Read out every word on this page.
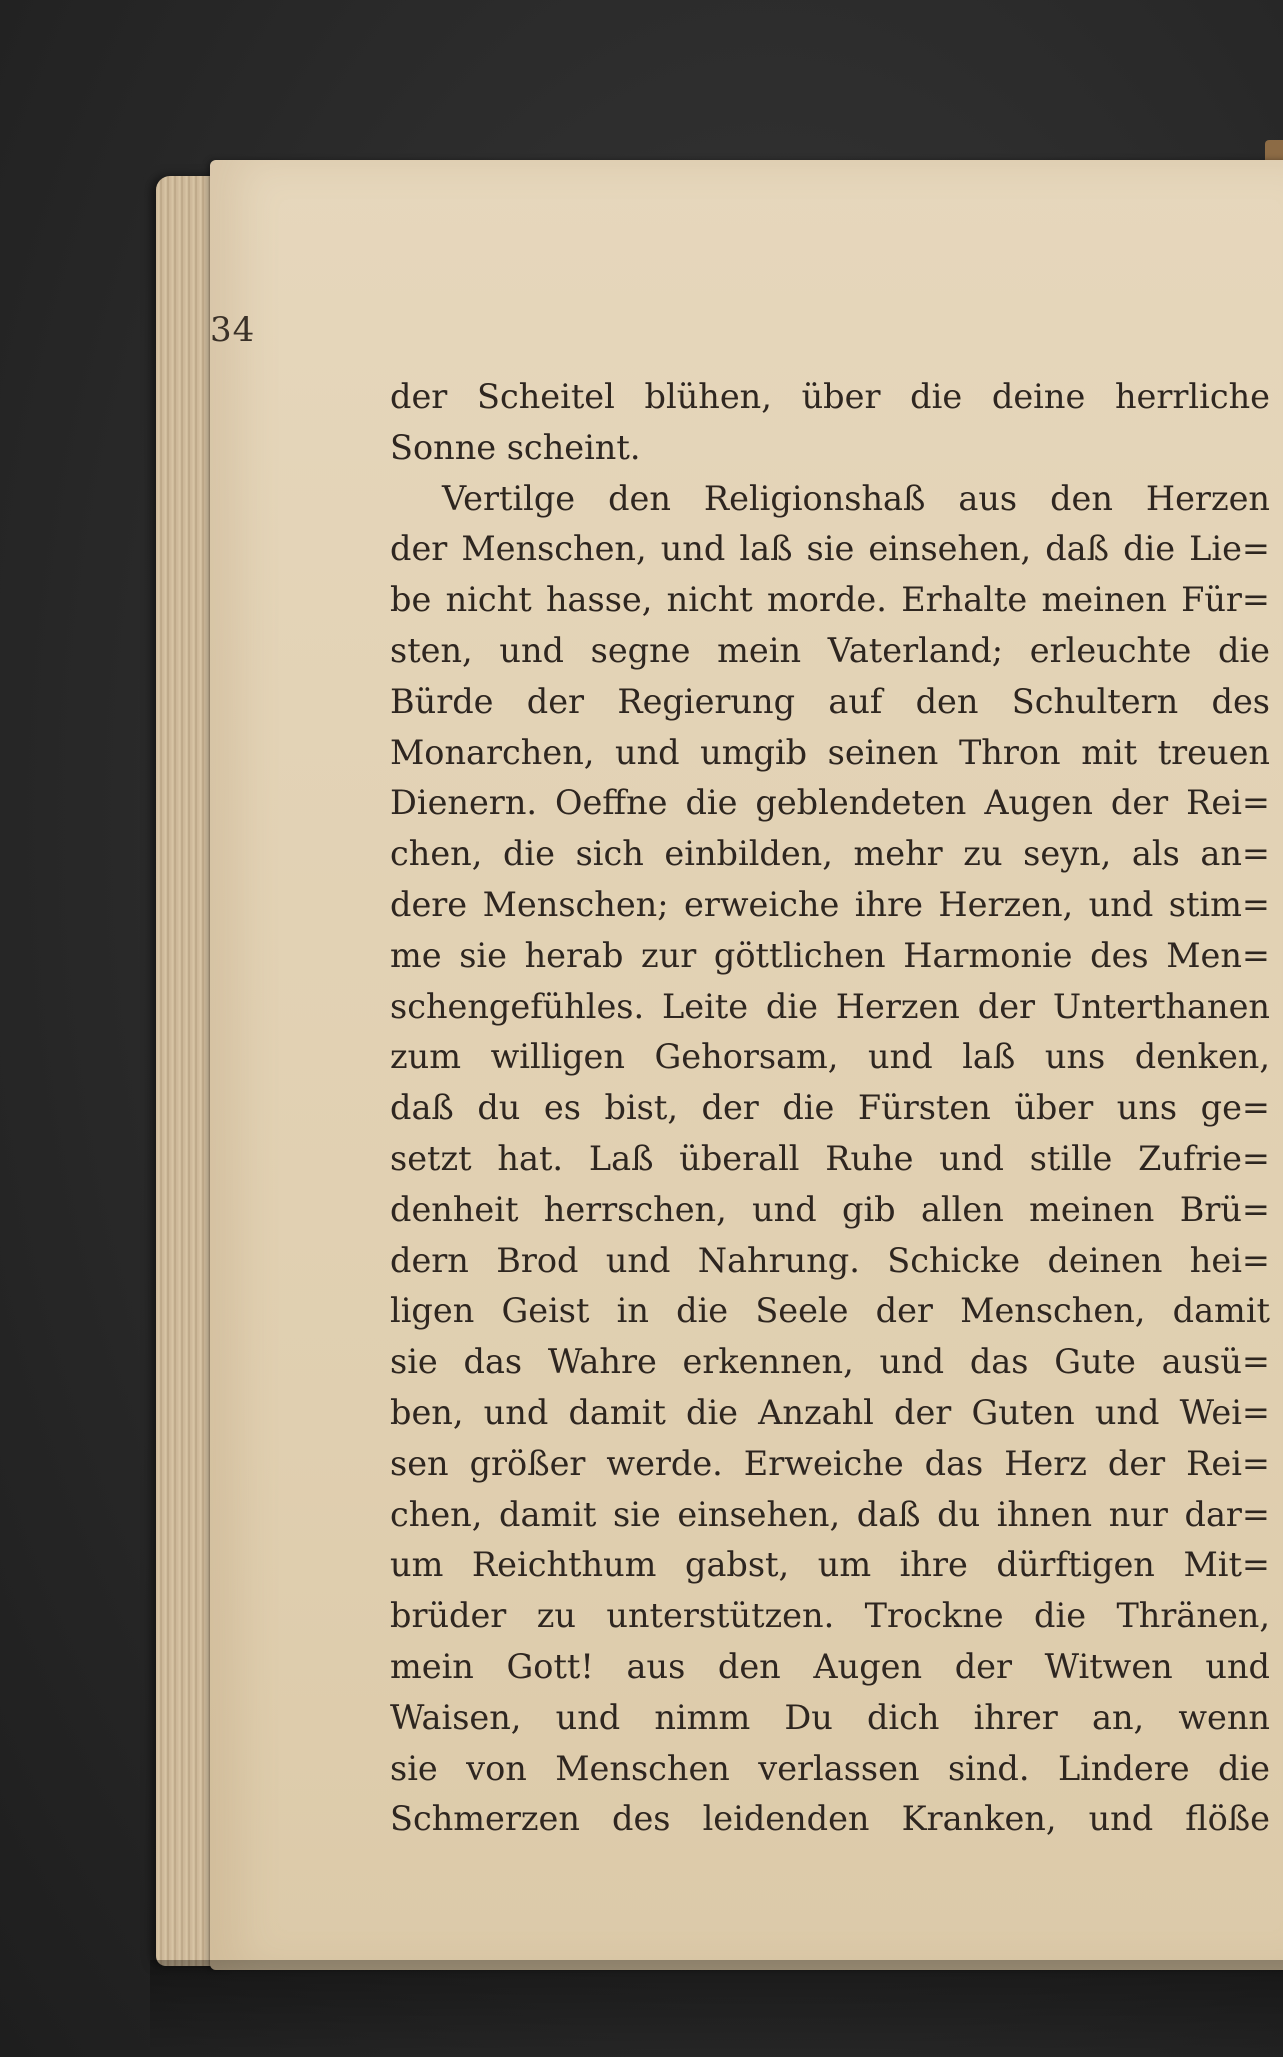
34
der Scheitel blühen, über die deine herrliche
Sonne scheint.
Vertilge den Religionshaß aus den Herzen
der Menschen, und laß sie einsehen, daß die Lie=
be nicht hasse, nicht morde. Erhalte meinen Für=
sten, und segne mein Vaterland; erleuchte die
Bürde der Regierung auf den Schultern des
Monarchen, und umgib seinen Thron mit treuen
Dienern. Oeffne die geblendeten Augen der Rei=
chen, die sich einbilden, mehr zu seyn, als an=
dere Menschen; erweiche ihre Herzen, und stim=
me sie herab zur göttlichen Harmonie des Men=
schengefühles. Leite die Herzen der Unterthanen
zum willigen Gehorsam, und laß uns denken,
daß du es bist, der die Fürsten über uns ge=
setzt hat. Laß überall Ruhe und stille Zufrie=
denheit herrschen, und gib allen meinen Brü=
dern Brod und Nahrung. Schicke deinen hei=
ligen Geist in die Seele der Menschen, damit
sie das Wahre erkennen, und das Gute ausü=
ben, und damit die Anzahl der Guten und Wei=
sen größer werde. Erweiche das Herz der Rei=
chen, damit sie einsehen, daß du ihnen nur dar=
um Reichthum gabst, um ihre dürftigen Mit=
brüder zu unterstützen. Trockne die Thränen,
mein Gott! aus den Augen der Witwen und
Waisen, und nimm Du dich ihrer an, wenn
sie von Menschen verlassen sind. Lindere die
Schmerzen des leidenden Kranken, und flöße
